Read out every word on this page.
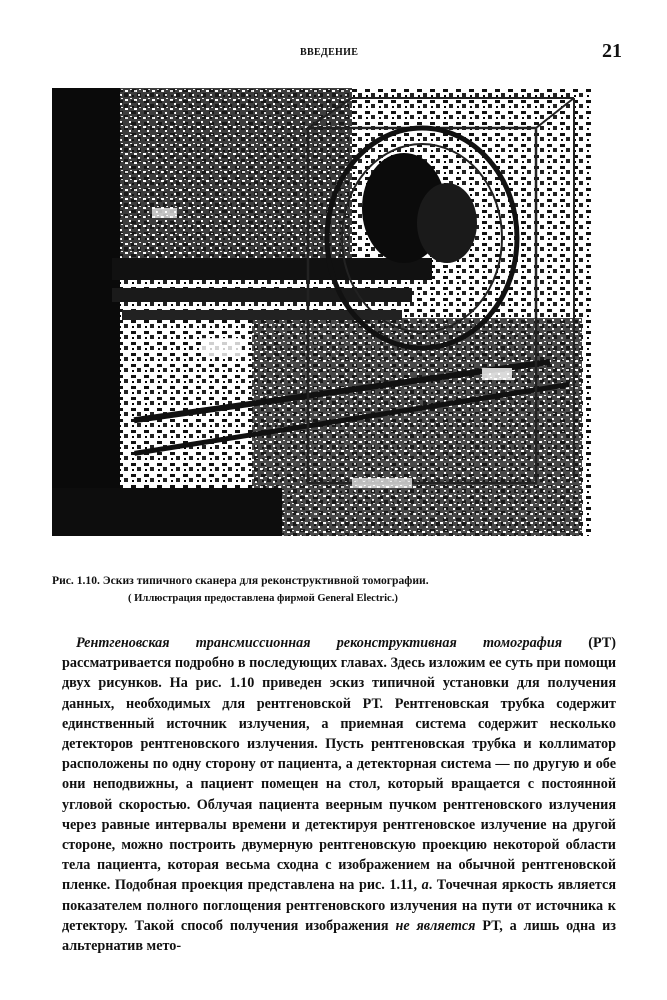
ВВЕДЕНИЕ	21
Рис. 1.10. Эскиз типичного сканера для реконструктивной томографии.
( Иллюстрация предоставлена фирмой General Electric.)

Рентгеновская трансмиссионная реконструктивная томография (РТ) рассматривается подробно в последующих главах. Здесь изложим ее суть при помощи двух рисунков. На рис. 1.10 приведен эскиз типичной установки для получения данных, необходимых для рентгеновской РТ. Рентгеновская трубка содержит единственный источник излучения, а приемная система содержит несколько детекторов рентгеновского излучения. Пусть рентгеновская трубка и коллиматор расположены по одну сторону от пациента, а детекторная система — по другую и обе они неподвижны, а пациент помещен на стол, который вращается с постоянной угловой скоростью. Облучая пациента веерным пучком рентгеновского излучения через равные интервалы времени и детектируя рентгеновское излучение на другой стороне, можно построить двумерную рентгеновскую проекцию некоторой области тела пациента, которая весьма сходна с изображением на обычной рентгеновской пленке. Подобная проекция представлена на рис. 1.11, а. Точечная яркость является показателем полного поглощения рентгеновского излучения на пути от источника к детектору. Такой способ получения изображения не является РТ, а лишь одна из альтернатив мето-
